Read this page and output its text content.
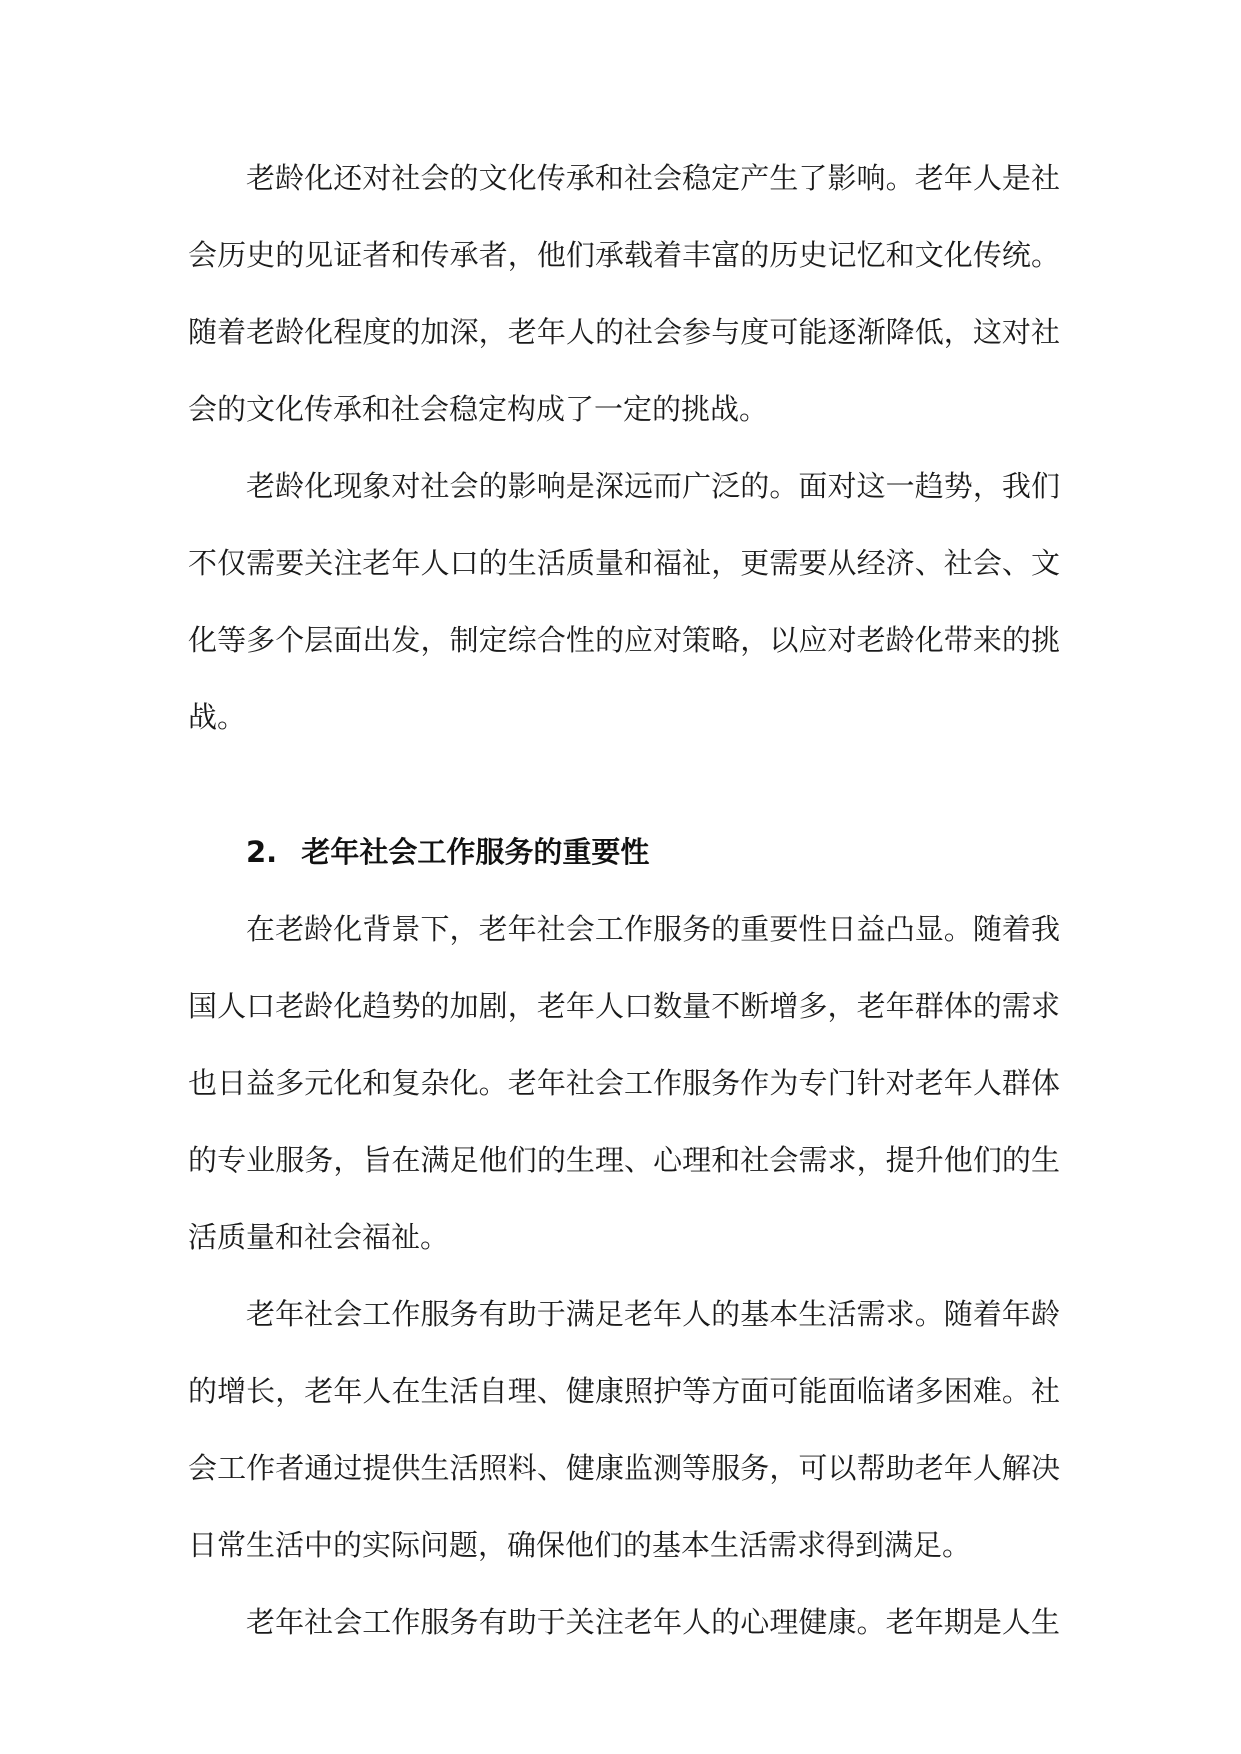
老龄化还对社会的文化传承和社会稳定产生了影响。老年人是社
会历史的见证者和传承者，他们承载着丰富的历史记忆和文化传统。
随着老龄化程度的加深，老年人的社会参与度可能逐渐降低，这对社
会的文化传承和社会稳定构成了一定的挑战。
老龄化现象对社会的影响是深远而广泛的。面对这一趋势，我们
不仅需要关注老年人口的生活质量和福祉，更需要从经济、社会、文
化等多个层面出发，制定综合性的应对策略，以应对老龄化带来的挑
战。
2. 老年社会工作服务的重要性
在老龄化背景下，老年社会工作服务的重要性日益凸显。随着我
国人口老龄化趋势的加剧，老年人口数量不断增多，老年群体的需求
也日益多元化和复杂化。老年社会工作服务作为专门针对老年人群体
的专业服务，旨在满足他们的生理、心理和社会需求，提升他们的生
活质量和社会福祉。
老年社会工作服务有助于满足老年人的基本生活需求。随着年龄
的增长，老年人在生活自理、健康照护等方面可能面临诸多困难。社
会工作者通过提供生活照料、健康监测等服务，可以帮助老年人解决
日常生活中的实际问题，确保他们的基本生活需求得到满足。
老年社会工作服务有助于关注老年人的心理健康。老年期是人生
